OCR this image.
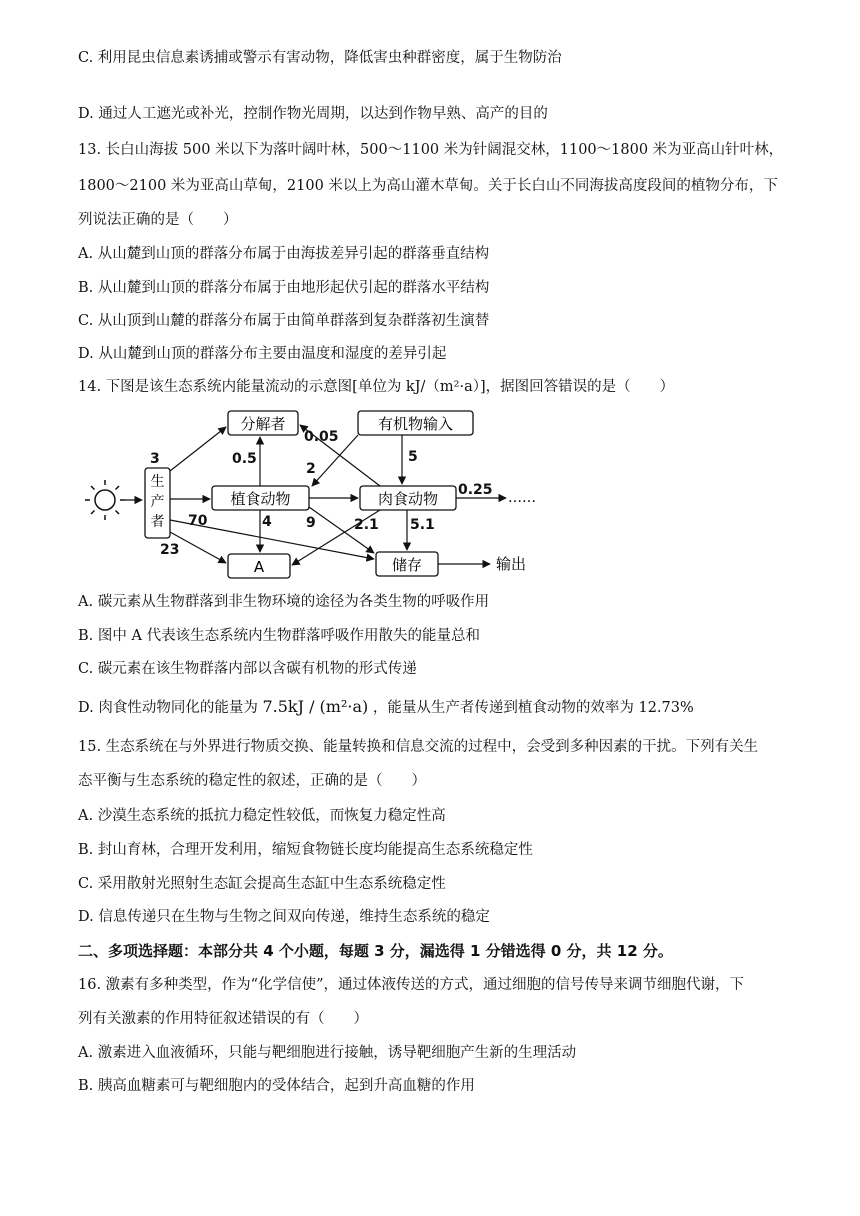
C. 利用昆虫信息素诱捕或警示有害动物，降低害虫种群密度，属于生物防治
D. 通过人工遮光或补光，控制作物光周期，以达到作物早熟、高产的目的
13. 长白山海拔 500 米以下为落叶阔叶林，500～1100 米为针阔混交林，1100～1800 米为亚高山针叶林，
1800～2100 米为亚高山草甸，2100 米以上为高山灌木草甸。关于长白山不同海拔高度段间的植物分布，下
列说法正确的是（　　）
A. 从山麓到山顶的群落分布属于由海拔差异引起的群落垂直结构
B. 从山麓到山顶的群落分布属于由地形起伏引起的群落水平结构
C. 从山顶到山麓的群落分布属于由简单群落到复杂群落初生演替
D. 从山麓到山顶的群落分布主要由温度和湿度的差异引起
14. 下图是该生态系统内能量流动的示意图[单位为 kJ/（m²·a）]，据图回答错误的是（　　）
生
产
者
分解者	有机物输入
植食动物	肉食动物
A	储存
3
0.05
0.5
2
5
0.25
70	4 9	2.1 5.1
23
……
输出
A. 碳元素从生物群落到非生物环境的途径为各类生物的呼吸作用
B. 图中 A 代表该生态系统内生物群落呼吸作用散失的能量总和
C. 碳元素在该生物群落内部以含碳有机物的形式传递
D. 肉食性动物同化的能量为 7.5kJ / (m²·a) ，能量从生产者传递到植食动物的效率为 12.73%
15. 生态系统在与外界进行物质交换、能量转换和信息交流的过程中，会受到多种因素的干扰。下列有关生
态平衡与生态系统的稳定性的叙述，正确的是（　　）
A. 沙漠生态系统的抵抗力稳定性较低，而恢复力稳定性高
B. 封山育林，合理开发利用，缩短食物链长度均能提高生态系统稳定性
C. 采用散射光照射生态缸会提高生态缸中生态系统稳定性
D. 信息传递只在生物与生物之间双向传递，维持生态系统的稳定
二、多项选择题：本部分共 4 个小题，每题 3 分，漏选得 1 分错选得 0 分，共 12 分。
16. 激素有多种类型，作为“化学信使”，通过体液传送的方式，通过细胞的信号传导来调节细胞代谢，下
列有关激素的作用特征叙述错误的有（　　）
A. 激素进入血液循环，只能与靶细胞进行接触，诱导靶细胞产生新的生理活动
B. 胰高血糖素可与靶细胞内的受体结合，起到升高血糖的作用
